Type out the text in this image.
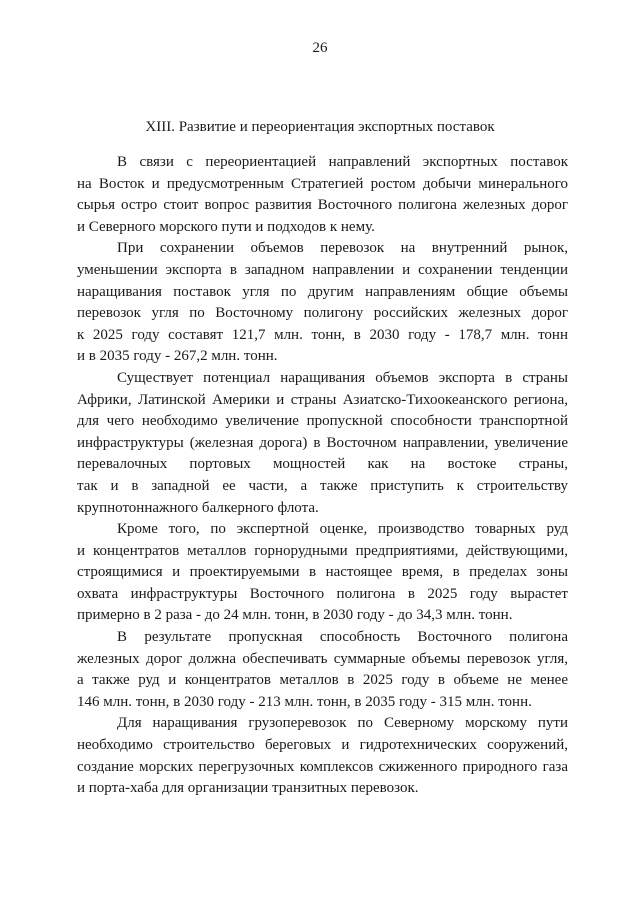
26
XIII. Развитие и переориентация экспортных поставок
В связи с переориентацией направлений экспортных поставок
на Восток и предусмотренным Стратегией ростом добычи минерального
сырья остро стоит вопрос развития Восточного полигона железных дорог
и Северного морского пути и подходов к нему.
При сохранении объемов перевозок на внутренний рынок,
уменьшении экспорта в западном направлении и сохранении тенденции
наращивания поставок угля по другим направлениям общие объемы
перевозок угля по Восточному полигону российских железных дорог
к 2025 году составят 121,7 млн. тонн, в 2030 году - 178,7 млн. тонн
и в 2035 году - 267,2 млн. тонн.
Существует потенциал наращивания объемов экспорта в страны
Африки, Латинской Америки и страны Азиатско-Тихоокеанского региона,
для чего необходимо увеличение пропускной способности транспортной
инфраструктуры (железная дорога) в Восточном направлении, увеличение
перевалочных портовых мощностей как на востоке страны,
так и в западной ее части, а также приступить к строительству
крупнотоннажного балкерного флота.
Кроме того, по экспертной оценке, производство товарных руд
и концентратов металлов горнорудными предприятиями, действующими,
строящимися и проектируемыми в настоящее время, в пределах зоны
охвата инфраструктуры Восточного полигона в 2025 году вырастет
примерно в 2 раза - до 24 млн. тонн, в 2030 году - до 34,3 млн. тонн.
В результате пропускная способность Восточного полигона
железных дорог должна обеспечивать суммарные объемы перевозок угля,
а также руд и концентратов металлов в 2025 году в объеме не менее
146 млн. тонн, в 2030 году - 213 млн. тонн, в 2035 году - 315 млн. тонн.
Для наращивания грузоперевозок по Северному морскому пути
необходимо строительство береговых и гидротехнических сооружений,
создание морских перегрузочных комплексов сжиженного природного газа
и порта-хаба для организации транзитных перевозок.
